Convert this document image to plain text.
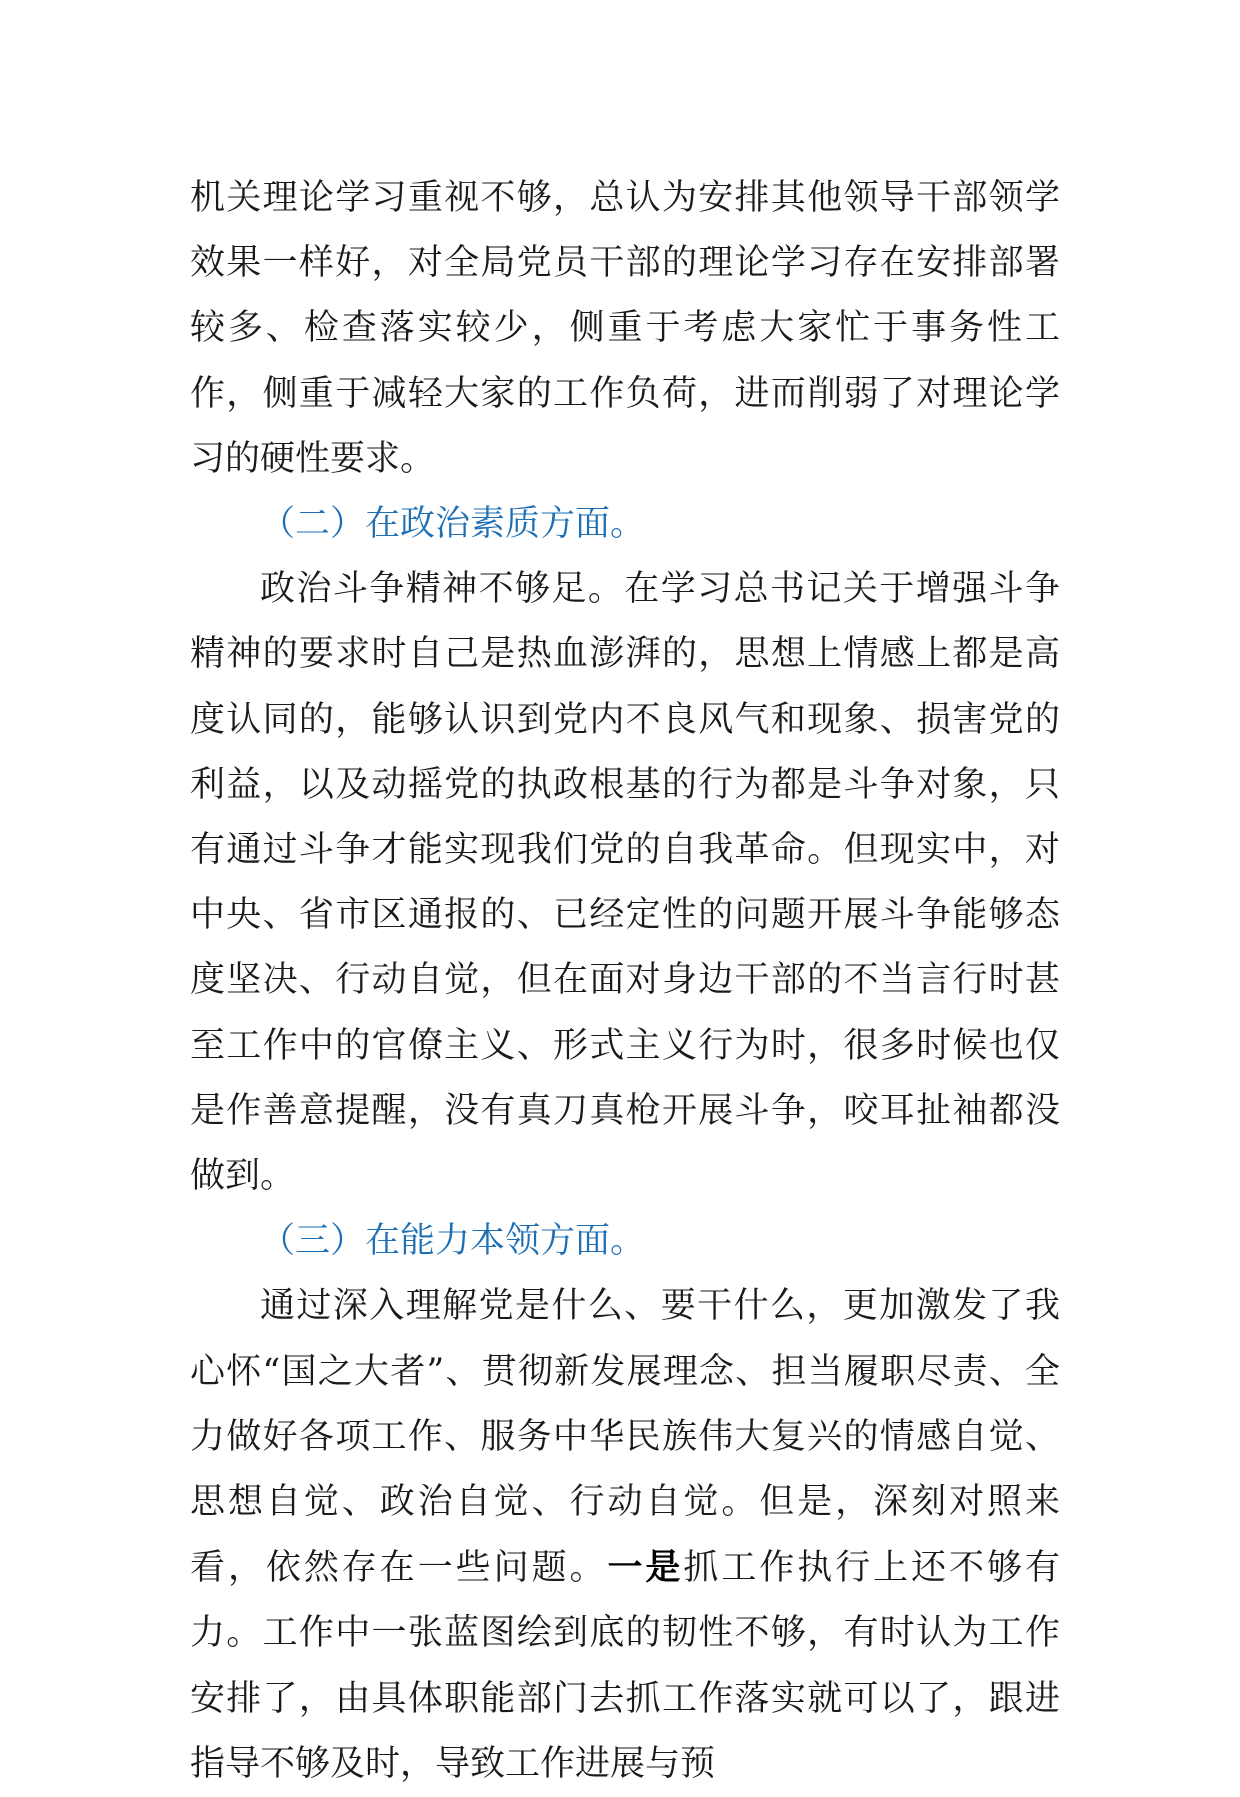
机关理论学习重视不够，总认为安排其他领导干部领学效果一样好，对全局党员干部的理论学习存在安排部署较多、检查落实较少，侧重于考虑大家忙于事务性工作，侧重于减轻大家的工作负荷，进而削弱了对理论学习的硬性要求。

（二）在政治素质方面。

政治斗争精神不够足。在学习总书记关于增强斗争精神的要求时自己是热血澎湃的，思想上情感上都是高度认同的，能够认识到党内不良风气和现象、损害党的利益，以及动摇党的执政根基的行为都是斗争对象，只有通过斗争才能实现我们党的自我革命。但现实中，对中央、省市区通报的、已经定性的问题开展斗争能够态度坚决、行动自觉，但在面对身边干部的不当言行时甚至工作中的官僚主义、形式主义行为时，很多时候也仅是作善意提醒，没有真刀真枪开展斗争，咬耳扯袖都没做到。

（三）在能力本领方面。

通过深入理解党是什么、要干什么，更加激发了我心怀“国之大者”、贯彻新发展理念、担当履职尽责、全力做好各项工作、服务中华民族伟大复兴的情感自觉、思想自觉、政治自觉、行动自觉。但是，深刻对照来看，依然存在一些问题。一是抓工作执行上还不够有力。工作中一张蓝图绘到底的韧性不够，有时认为工作安排了，由具体职能部门去抓工作落实就可以了，跟进指导不够及时，导致工作进展与预
